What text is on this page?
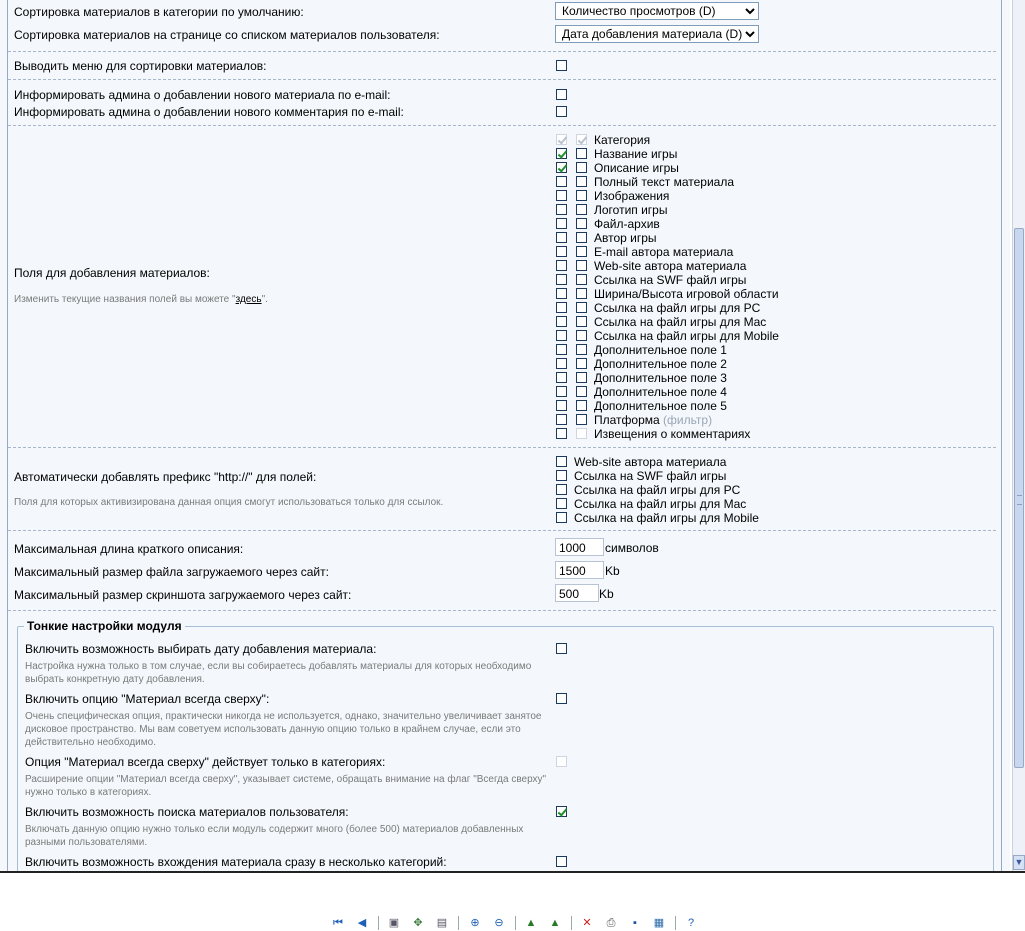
Сортировка материалов в категории по умолчанию:
Количество просмотров (D)
Сортировка материалов на странице со списком материалов пользователя:
Дата добавления материала (D)
Выводить меню для сортировки материалов:
Информировать админа о добавлении нового материала по e-mail:
Информировать админа о добавлении нового комментария по e-mail:
Поля для добавления материалов:
Изменить текущие названия полей вы можете "здесь".
Категория
Название игры
Описание игры
Полный текст материала
Изображения
Логотип игры
Файл-архив
Автор игры
E-mail автора материала
Web-site автора материала
Ссылка на SWF файл игры
Ширина/Высота игровой области
Ссылка на файл игры для PC
Ссылка на файл игры для Mac
Ссылка на файл игры для Mobile
Дополнительное поле 1
Дополнительное поле 2
Дополнительное поле 3
Дополнительное поле 4
Дополнительное поле 5
Платформа (фильтр)
Извещения о комментариях
Автоматически добавлять префикс "http://" для полей:
Поля для которых активизирована данная опция смогут использоваться только для ссылок.
Web-site автора материала
Ссылка на SWF файл игры
Ссылка на файл игры для PC
Ссылка на файл игры для Mac
Ссылка на файл игры для Mobile
Максимальная длина краткого описания:	1000	символов
Максимальный размер файла загружаемого через сайт:	1500	Kb
Максимальный размер скриншота загружаемого через сайт:	500	Kb
Тонкие настройки модуля
Включить возможность выбирать дату добавления материала:
Настройка нужна только в том случае, если вы собираетесь добавлять материалы для которых необходимо выбрать конкретную дату добавления.
Включить опцию "Материал всегда сверху":
Очень специфическая опция, практически никогда не используется, однако, значительно увеличивает занятое дисковое пространство. Мы вам советуем использовать данную опцию только в крайнем случае, если это действительно необходимо.
Опция "Материал всегда сверху" действует только в категориях:
Расширение опции "Материал всегда сверху", указывает системе, обращать внимание на флаг "Всегда сверху" нужно только в категориях.
Включить возможность поиска материалов пользователя:
Включать данную опцию нужно только если модуль содержит много (более 500) материалов добавленных разными пользователями.
Включить возможность вхождения материала сразу в несколько категорий:	▼
⏮	◀	▣	✥	▤	⊕	⊖	▲ ▲	✕	⎙	▪	▦	?
